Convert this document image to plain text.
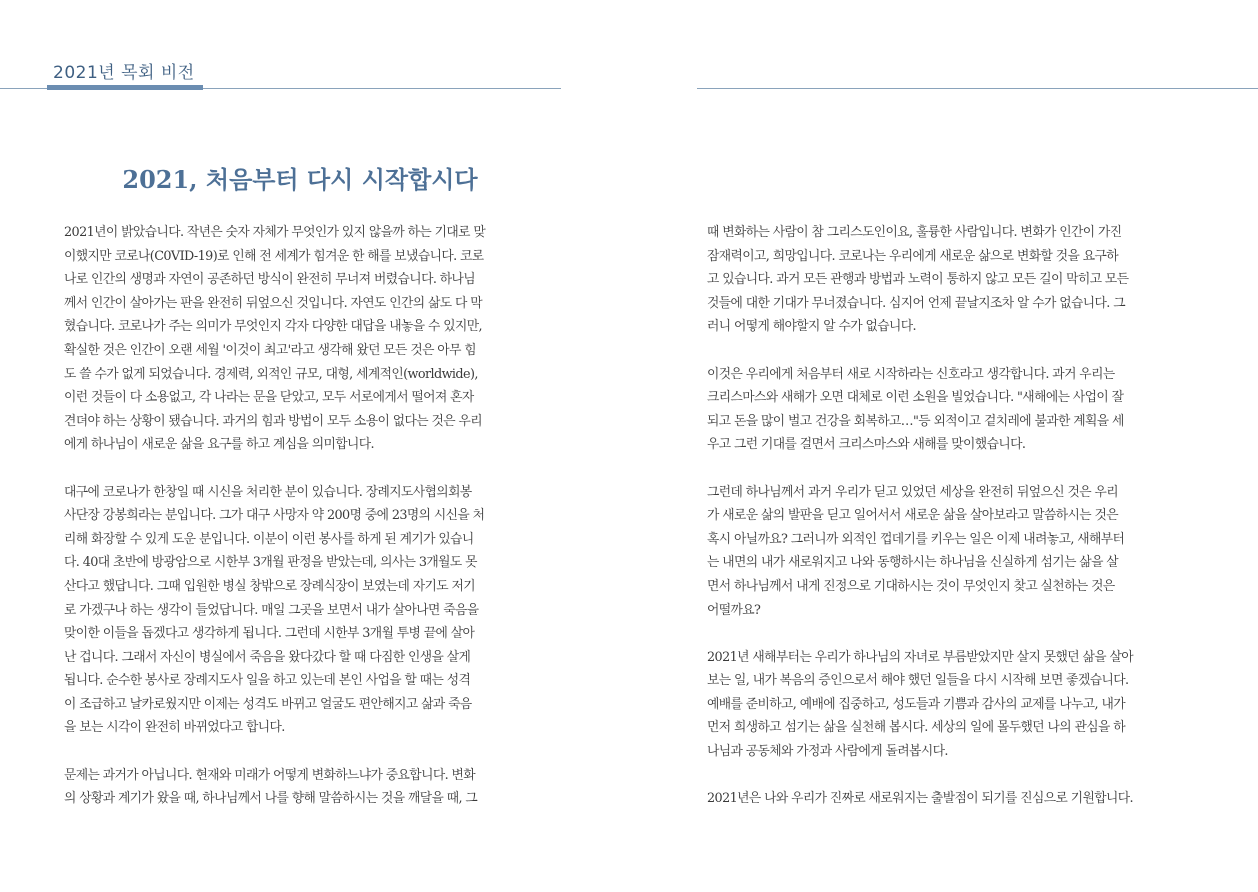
2021년 목회 비전
2021, 처음부터 다시 시작합시다
2021년이 밝았습니다. 작년은 숫자 자체가 무엇인가 있지 않을까 하는 기대로 맞
이했지만 코로나(C0VID-19)로 인해 전 세계가 힘겨운 한 해를 보냈습니다. 코로
나로 인간의 생명과 자연이 공존하던 방식이 완전히 무너져 버렸습니다. 하나님
께서 인간이 살아가는 판을 완전히 뒤엎으신 것입니다. 자연도 인간의 삶도 다 막
혔습니다. 코로나가 주는 의미가 무엇인지 각자 다양한 대답을 내놓을 수 있지만,
확실한 것은 인간이 오랜 세월 '이것이 최고'라고 생각해 왔던 모든 것은 아무 힘
도 쓸 수가 없게 되었습니다. 경제력, 외적인 규모, 대형, 세계적인(worldwide),
이런 것들이 다 소용없고, 각 나라는 문을 닫았고, 모두 서로에게서 떨어져 혼자
견뎌야 하는 상황이 됐습니다. 과거의 힘과 방법이 모두 소용이 없다는 것은 우리
에게 하나님이 새로운 삶을 요구를 하고 계심을 의미합니다.
대구에 코로나가 한창일 때 시신을 처리한 분이 있습니다. 장례지도사협의회봉
사단장 강봉희라는 분입니다. 그가 대구 사망자 약 200명 중에 23명의 시신을 처
리해 화장할 수 있게 도운 분입니다. 이분이 이런 봉사를 하게 된 계기가 있습니
다. 40대 초반에 방광암으로 시한부 3개월 판정을 받았는데, 의사는 3개월도 못
산다고 했답니다. 그때 입원한 병실 창밖으로 장례식장이 보였는데 자기도 저기
로 가겠구나 하는 생각이 들었답니다. 매일 그곳을 보면서 내가 살아나면 죽음을
맞이한 이들을 돕겠다고 생각하게 됩니다. 그런데 시한부 3개월 투병 끝에 살아
난 겁니다. 그래서 자신이 병실에서 죽음을 왔다갔다 할 때 다짐한 인생을 살게
됩니다. 순수한 봉사로 장례지도사 일을 하고 있는데 본인 사업을 할 때는 성격
이 조급하고 날카로웠지만 이제는 성격도 바뀌고 얼굴도 편안해지고 삶과 죽음
을 보는 시각이 완전히 바뀌었다고 합니다.
문제는 과거가 아닙니다. 현재와 미래가 어떻게 변화하느냐가 중요합니다. 변화
의 상황과 계기가 왔을 때, 하나님께서 나를 향해 말씀하시는 것을 깨달을 때, 그
때 변화하는 사람이 참 그리스도인이요, 훌륭한 사람입니다. 변화가 인간이 가진
잠재력이고, 희망입니다. 코로나는 우리에게 새로운 삶으로 변화할 것을 요구하
고 있습니다. 과거 모든 관행과 방법과 노력이 통하지 않고 모든 길이 막히고 모든
것들에 대한 기대가 무너졌습니다. 심지어 언제 끝날지조차 알 수가 없습니다. 그
러니 어떻게 해야할지 알 수가 없습니다.
이것은 우리에게 처음부터 새로 시작하라는 신호라고 생각합니다. 과거 우리는
크리스마스와 새해가 오면 대체로 이런 소원을 빌었습니다. "새해에는 사업이 잘
되고 돈을 많이 벌고 건강을 회복하고…"등 외적이고 겉치레에 불과한 계획을 세
우고 그런 기대를 걸면서 크리스마스와 새해를 맞이했습니다.
그런데 하나님께서 과거 우리가 딛고 있었던 세상을 완전히 뒤엎으신 것은 우리
가 새로운 삶의 발판을 딛고 일어서서 새로운 삶을 살아보라고 말씀하시는 것은
혹시 아닐까요? 그러니까 외적인 껍데기를 키우는 일은 이제 내려놓고, 새해부터
는 내면의 내가 새로워지고 나와 동행하시는 하나님을 신실하게 섬기는 삶을 살
면서 하나님께서 내게 진정으로 기대하시는 것이 무엇인지 찾고 실천하는 것은
어떨까요?
2021년 새해부터는 우리가 하나님의 자녀로 부름받았지만 살지 못했던 삶을 살아
보는 일, 내가 복음의 증인으로서 해야 했던 일들을 다시 시작해 보면 좋겠습니다.
예배를 준비하고, 예배에 집중하고, 성도들과 기쁨과 감사의 교제를 나누고, 내가
먼저 희생하고 섬기는 삶을 실천해 봅시다. 세상의 일에 몰두했던 나의 관심을 하
나님과 공동체와 가정과 사람에게 돌려봅시다.
2021년은 나와 우리가 진짜로 새로워지는 출발점이 되기를 진심으로 기원합니다.
